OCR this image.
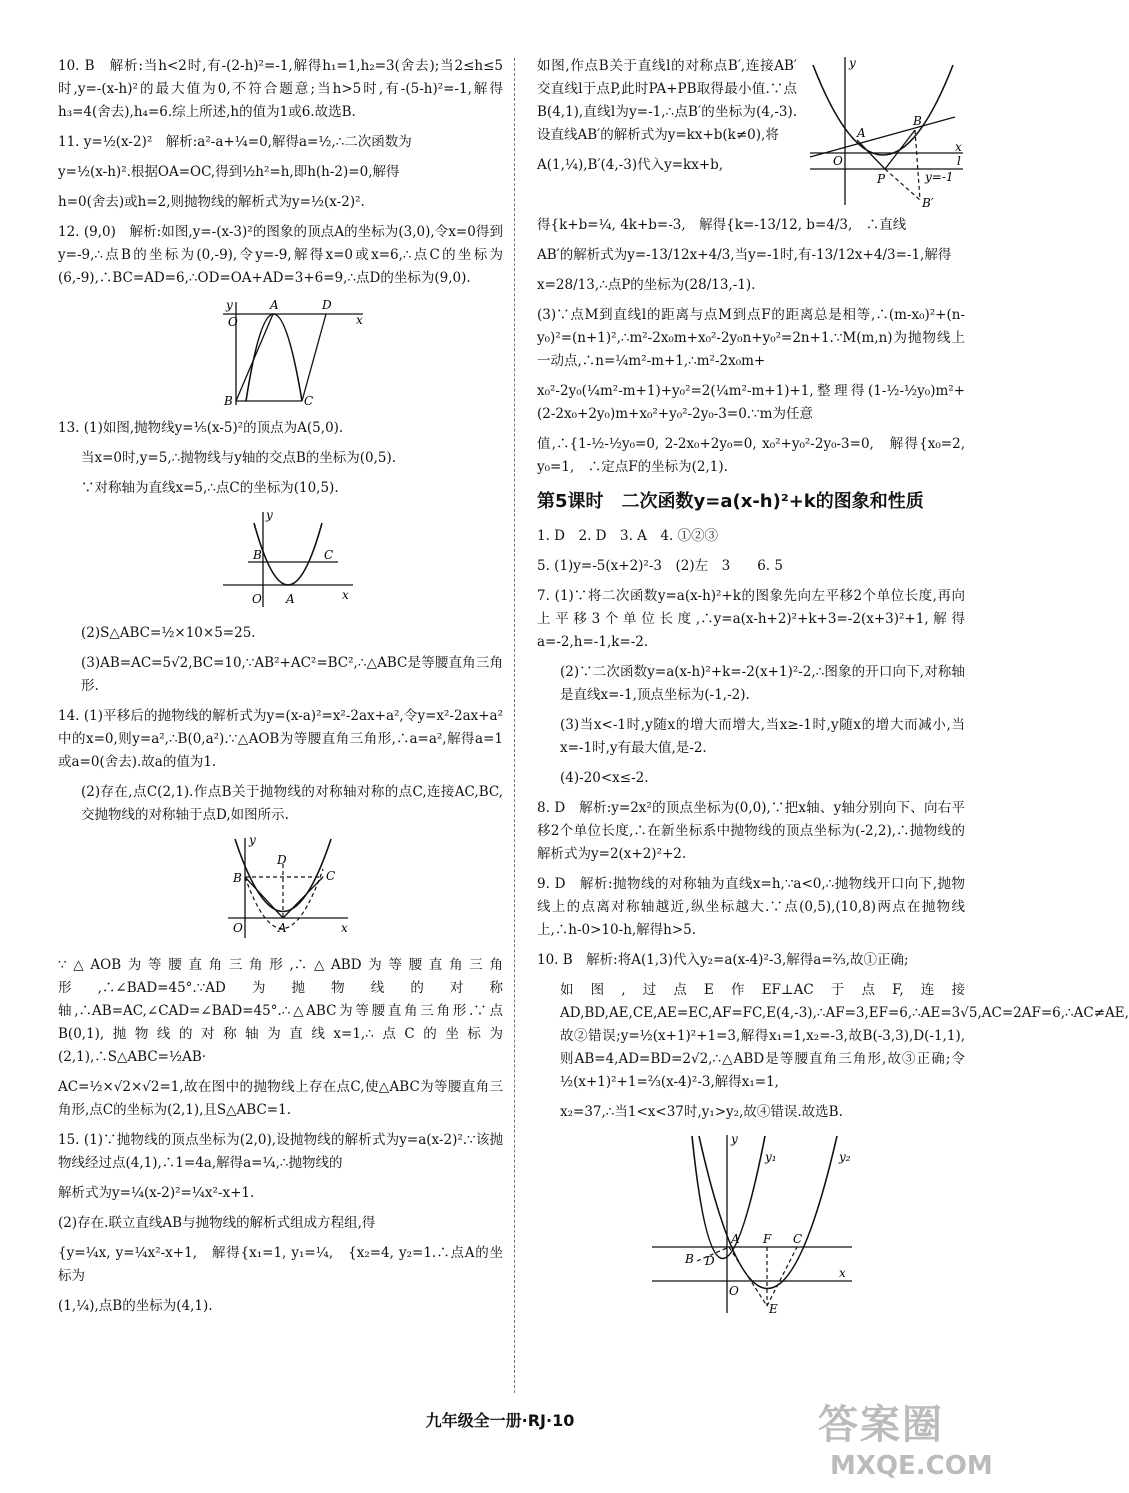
10. B　解析:当h<2时,有-(2-h)²=-1,解得h₁=1,h₂=3(舍去);当2≤h≤5时,y=-(x-h)²的最大值为0,不符合题意;当h>5时,有-(5-h)²=-1,解得h₃=4(舍去),h₄=6.综上所述,h的值为1或6.故选B.

11. y=½(x-2)²　解析:a²-a+¼=0,解得a=½,∴二次函数为

y=½(x-h)².根据OA=OC,得到½h²=h,即h(h-2)=0,解得

h=0(舍去)或h=2,则抛物线的解析式为y=½(x-2)².

12. (9,0)　解析:如图,y=-(x-3)²的图象的顶点A的坐标为(3,0),令x=0得到y=-9,∴点B的坐标为(0,-9),令y=-9,解得x=0或x=6,∴点C的坐标为(6,-9),∴BC=AD=6,∴OD=OA+AD=3+6=9,∴点D的坐标为(9,0).

y
O
A	D
x
B	C

13. (1)如图,抛物线y=⅕(x-5)²的顶点为A(5,0).

当x=0时,y=5,∴抛物线与y轴的交点B的坐标为(0,5).

∵对称轴为直线x=5,∴点C的坐标为(10,5).

y
B	C
O A	x

(2)S△ABC=½×10×5=25.

(3)AB=AC=5√2,BC=10,∵AB²+AC²=BC²,∴△ABC是等腰直角三角形.

14. (1)平移后的抛物线的解析式为y=(x-a)²=x²-2ax+a²,令y=x²-2ax+a²中的x=0,则y=a²,∴B(0,a²).∵△AOB为等腰直角三角形,∴a=a²,解得a=1或a=0(舍去).故a的值为1.

(2)存在,点C(2,1).作点B关于抛物线的对称轴对称的点C,连接AC,BC,交抛物线的对称轴于点D,如图所示.

y
B
D
C
O	A	x

∵△AOB为等腰直角三角形,∴△ABD为等腰直角三角形,∴∠BAD=45°.∵AD为抛物线的对称轴,∴AB=AC,∠CAD=∠BAD=45°.∴△ABC为等腰直角三角形.∵点B(0,1),抛物线的对称轴为直线x=1,∴点C的坐标为(2,1),∴S△ABC=½AB·

AC=½×√2×√2=1,故在图中的抛物线上存在点C,使△ABC为等腰直角三角形,点C的坐标为(2,1),且S△ABC=1.

15. (1)∵抛物线的顶点坐标为(2,0),设抛物线的解析式为y=a(x-2)².∵该抛物线经过点(4,1),∴1=4a,解得a=¼,∴抛物线的

解析式为y=¼(x-2)²=¼x²-x+1.

(2)存在.联立直线AB与抛物线的解析式组成方程组,得

{y=¼x, y=¼x²-x+1,　解得{x₁=1, y₁=¼,　{x₂=4, y₂=1.∴点A的坐标为

(1,¼),点B的坐标为(4,1).

y
A
B
O
x
l
P	y=-1
B′

如图,作点B关于直线l的对称点B′,连接AB′交直线l于点P,此时PA+PB取得最小值.∵点B(4,1),直线l为y=-1,∴点B′的坐标为(4,-3).设直线AB′的解析式为y=kx+b(k≠0),将

A(1,¼),B′(4,-3)代入y=kx+b,

得{k+b=¼, 4k+b=-3,　解得{k=-13/12, b=4/3,　∴直线

AB′的解析式为y=-13/12x+4/3,当y=-1时,有-13/12x+4/3=-1,解得

x=28/13,∴点P的坐标为(28/13,-1).

(3)∵点M到直线l的距离与点M到点F的距离总是相等,∴(m-x₀)²+(n-y₀)²=(n+1)²,∴m²-2x₀m+x₀²-2y₀n+y₀²=2n+1.∵M(m,n)为抛物线上一动点,∴n=¼m²-m+1,∴m²-2x₀m+

x₀²-2y₀(¼m²-m+1)+y₀²=2(¼m²-m+1)+1,整理得(1-½-½y₀)m²+(2-2x₀+2y₀)m+x₀²+y₀²-2y₀-3=0.∵m为任意

值,∴{1-½-½y₀=0, 2-2x₀+2y₀=0, x₀²+y₀²-2y₀-3=0,　解得{x₀=2, y₀=1,　∴定点F的坐标为(2,1).

第5课时　二次函数y=a(x-h)²+k的图象和性质

1. D　2. D　3. A　4. ①②③

5. (1)y=-5(x+2)²-3　(2)左　3　　6. 5

7. (1)∵将二次函数y=a(x-h)²+k的图象先向左平移2个单位长度,再向上平移3个单位长度,∴y=a(x-h+2)²+k+3=-2(x+3)²+1,解得a=-2,h=-1,k=-2.

(2)∵二次函数y=a(x-h)²+k=-2(x+1)²-2,∴图象的开口向下,对称轴是直线x=-1,顶点坐标为(-1,-2).

(3)当x<-1时,y随x的增大而增大,当x≥-1时,y随x的增大而减小,当x=-1时,y有最大值,是-2.

(4)-20<x≤-2.

8. D　解析:y=2x²的顶点坐标为(0,0),∵把x轴、y轴分别向下、向右平移2个单位长度,∴在新坐标系中抛物线的顶点坐标为(-2,2),∴抛物线的解析式为y=2(x+2)²+2.

9. D　解析:抛物线的对称轴为直线x=h,∵a<0,∴抛物线开口向下,抛物线上的点离对称轴越近,纵坐标越大.∵点(0,5),(10,8)两点在抛物线上,∴h-0>10-h,解得h>5.

10. B　解析:将A(1,3)代入y₂=a(x-4)²-3,解得a=⅔,故①正确;

如图,过点E作EF⊥AC于点F,连接AD,BD,AE,CE,AE=EC,AF=FC,E(4,-3),∴AF=3,EF=6,∴AE=3√5,AC=2AF=6,∴AC≠AE,故②错误;y=½(x+1)²+1=3,解得x₁=1,x₂=-3,故B(-3,3),D(-1,1),则AB=4,AD=BD=2√2,∴△ABD是等腰直角三角形,故③正确;令½(x+1)²+1=⅔(x-4)²-3,解得x₁=1,

x₂=37,∴当1<x<37时,y₁>y₂,故④错误.故选B.

y
y₁	y₂
A F C
B D
O
x
E
九年级全一册·RJ·10	答案圈
MXQE.COM
